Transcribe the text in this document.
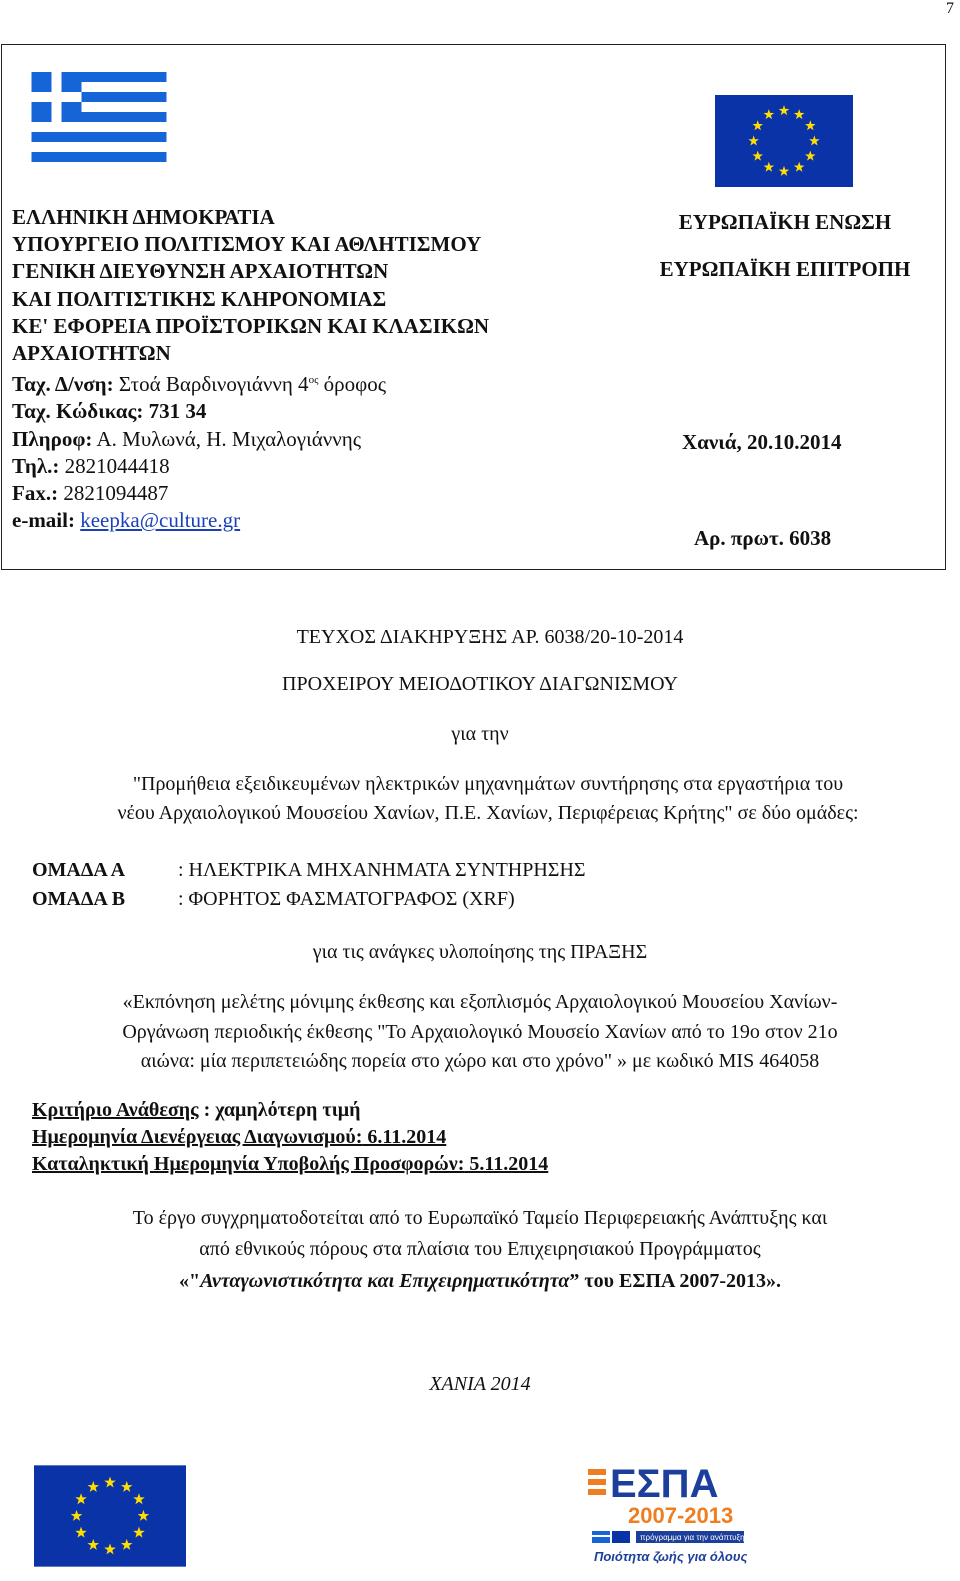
7
ΕΛΛΗΝΙΚΗ ΔΗΜΟΚΡΑΤΙΑ
ΥΠΟΥΡΓΕΙΟ ΠΟΛΙΤΙΣΜΟΥ ΚΑΙ ΑΘΛΗΤΙΣΜΟΥ
ΓΕΝΙΚΗ ΔΙΕΥΘΥΝΣΗ ΑΡΧΑΙΟΤΗΤΩΝ
ΚΑΙ ΠΟΛΙΤΙΣΤΙΚΗΣ ΚΛΗΡΟΝΟΜΙΑΣ
ΚΕ' ΕΦΟΡΕΙΑ ΠΡΟΪΣΤΟΡΙΚΩΝ ΚΑΙ ΚΛΑΣΙΚΩΝ
ΑΡΧΑΙΟΤΗΤΩΝ
Ταχ. Δ/νση: Στοά Βαρδινογιάννη $4^{o\varsigma}$ όροφος
Ταχ. Κώδικας: 731 34
Πληροφ: Α. Μυλωνά, Η. Μιχαλογιάννης
Τηλ.: 2821044418
Fax.: 2821094487
e-mail: keepka@culture.gr
ΕΥΡΩΠΑΪΚΗ ΕΝΩΣΗ
ΕΥΡΩΠΑΪΚΗ ΕΠΙΤΡΟΠΗ
Χανιά, 20.10.2014
Αρ. πρωτ. 6038
ΤΕΥΧΟΣ ΔΙΑΚΗΡΥΞΗΣ ΑΡ. 6038/20-10-2014
ΠΡΟΧΕΙΡΟΥ ΜΕΙΟΔΟΤΙΚΟΥ ΔΙΑΓΩΝΙΣΜΟΥ
για την
"Προμήθεια εξειδικευμένων ηλεκτρικών μηχανημάτων συντήρησης στα εργαστήρια του
νέου Αρχαιολογικού Μουσείου Χανίων, Π.Ε. Χανίων, Περιφέρειας Κρήτης" σε δύο ομάδες:
ΟΜΑΔΑ Α	: ΗΛΕΚΤΡΙΚΑ ΜΗΧΑΝΗΜΑΤΑ ΣΥΝΤΗΡΗΣΗΣ
ΟΜΑΔΑ Β	: ΦΟΡΗΤΟΣ ΦΑΣΜΑΤΟΓΡΑΦΟΣ (XRF)
για τις ανάγκες υλοποίησης της ΠΡΑΞΗΣ
«Εκπόνηση μελέτης μόνιμης έκθεσης και εξοπλισμός Αρχαιολογικού Μουσείου Χανίων-
Οργάνωση περιοδικής έκθεσης "Το Αρχαιολογικό Μουσείο Χανίων από το 19ο στον 21ο
αιώνα: μία περιπετειώδης πορεία στο χώρο και στο χρόνο" » με κωδικό MIS 464058
Κριτήριο Ανάθεσης : χαμηλότερη τιμή
Ημερομηνία Διενέργειας Διαγωνισμού: 6.11.2014
Καταληκτική Ημερομηνία Υποβολής Προσφορών: 5.11.2014
Το έργο συγχρηματοδοτείται από το Ευρωπαϊκό Ταμείο Περιφερειακής Ανάπτυξης και
από εθνικούς πόρους στα πλαίσια του Επιχειρησιακού Προγράμματος
«"Ανταγωνιστικότητα και Επιχειρηματικότητα” του ΕΣΠΑ 2007-2013».
ΧΑΝΙΑ 2014
ΕΣΠΑ
2007-2013
πρόγραμμα για την ανάπτυξη
Ποιότητα ζωής για όλους
